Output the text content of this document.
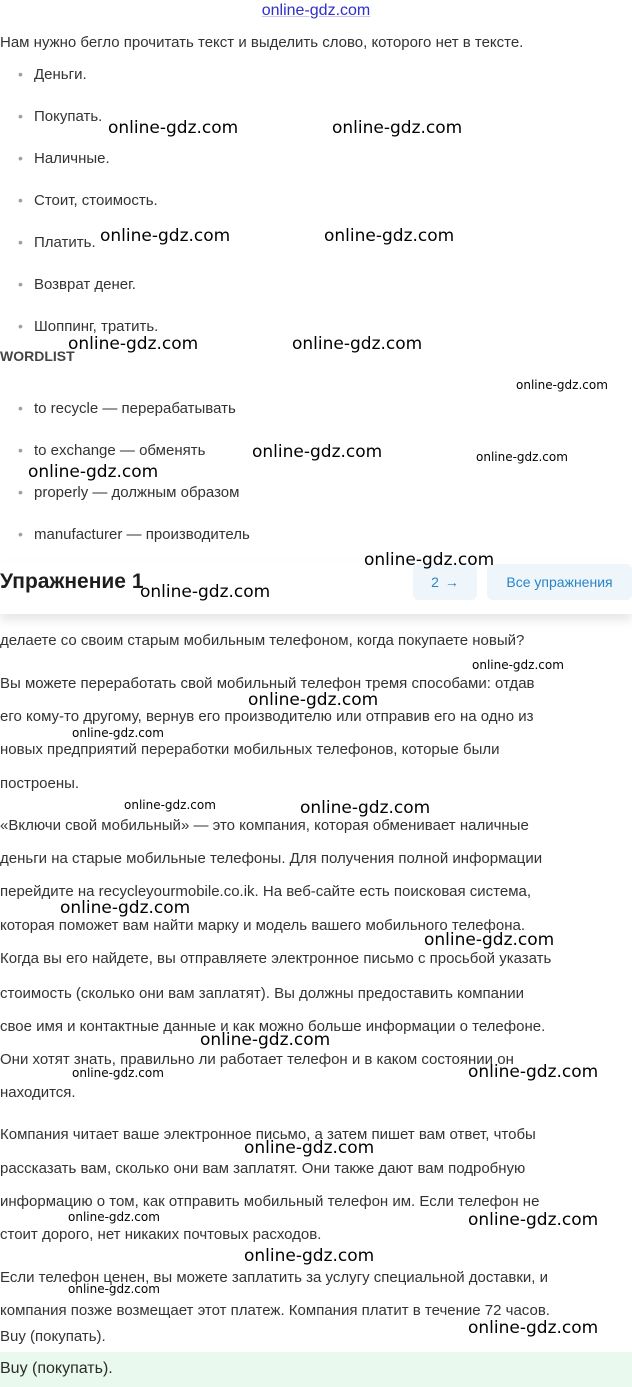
online-gdz.com
Нам нужно бегло прочитать текст и выделить слово, которого нет в тексте.
• Деньги.
• Покупать.
• Наличные.
• Стоит, стоимость.
• Платить.
• Возврат денег.
• Шоппинг, тратить.
WORDLIST
• to recycle — перерабатывать
• to exchange — обменять
• properly — должным образом
• manufacturer — производитель
Упражнение 1	2 →	Все упражнения
делаете со своим старым мобильным телефоном, когда покупаете новый?
Вы можете переработать свой мобильный телефон тремя способами: отдав
его кому-то другому, вернув его производителю или отправив его на одно из
новых предприятий переработки мобильных телефонов, которые были
построены.
«Включи свой мобильный» — это компания, которая обменивает наличные
деньги на старые мобильные телефоны. Для получения полной информации
перейдите на recycleyourmobile.co.ik. На веб-сайте есть поисковая система,
которая поможет вам найти марку и модель вашего мобильного телефона.
Когда вы его найдете, вы отправляете электронное письмо с просьбой указать
стоимость (сколько они вам заплатят). Вы должны предоставить компании
свое имя и контактные данные и как можно больше информации о телефоне.
Они хотят знать, правильно ли работает телефон и в каком состоянии он
находится.
Компания читает ваше электронное письмо, а затем пишет вам ответ, чтобы
рассказать вам, сколько они вам заплатят. Они также дают вам подробную
информацию о том, как отправить мобильный телефон им. Если телефон не
стоит дорого, нет никаких почтовых расходов.
Если телефон ценен, вы можете заплатить за услугу специальной доставки, и
компания позже возмещает этот платеж. Компания платит в течение 72 часов.
Buy (покупать).
Buy (покупать).
online-gdz.com	online-gdz.com
online-gdz.com	online-gdz.com
online-gdz.com	online-gdz.com
online-gdz.com
online-gdz.com
online-gdz.com
online-gdz.com
online-gdz.com
online-gdz.com
online-gdz.com
online-gdz.com
online-gdz.com
online-gdz.com	online-gdz.com
online-gdz.com
online-gdz.com
online-gdz.com
online-gdz.com	online-gdz.com
online-gdz.com
online-gdz.com	online-gdz.com
online-gdz.com
online-gdz.com
online-gdz.com
